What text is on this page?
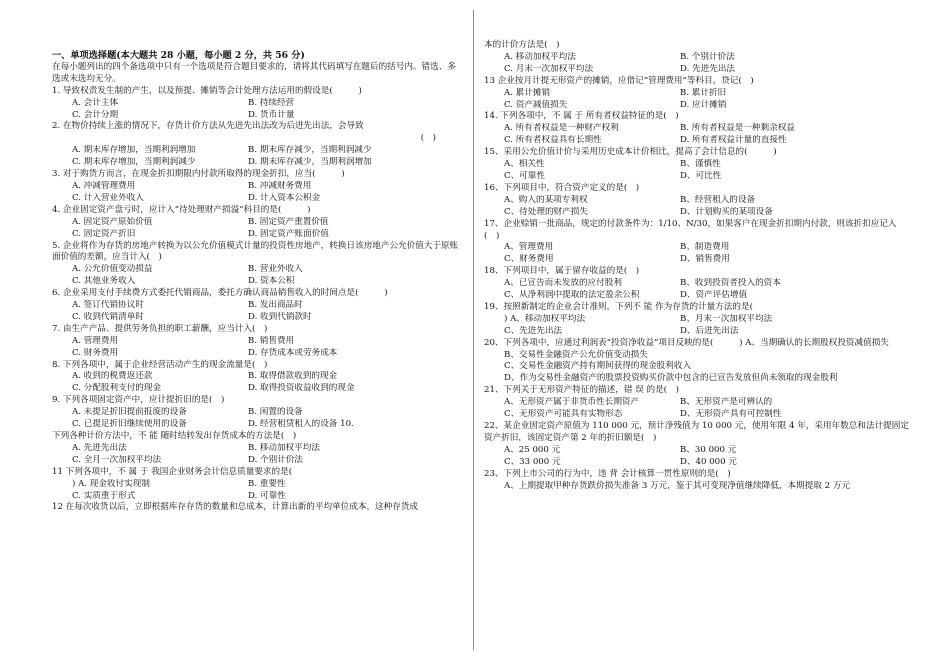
一、单项选择题(本大题共 28 小题，每小题 2 分，共 56 分)
在每小题列出的四个备选项中只有一个选项是符合题目要求的，请将其代码填写在题后的括号内。错选、多选或未选均无分。
1. 导致权责发生制的产生，以及预提、摊销等会计处理方法运用的假设是(　　　)
A. 会计主体	B. 持续经营
C. 会计分期	D. 货币计量
2. 在物价持续上涨的情况下，存货计价方法从先进先出法改为后进先出法，会导致
(　)
A. 期末库存增加，当期利润增加	B. 期末库存减少，当期利润减少
C. 期末库存增加，当期利润减少	D. 期末库存减少，当期利润增加
3. 对于购货方而言，在现金折扣期限内付款所取得的现金折扣，应当(　　　)
A. 冲减管理费用	B. 冲减财务费用
C. 计入营业外收入	D. 计入资本公积金
4. 企业固定资产盘亏时，应计入“待处理财产损溢”科目的是(　　　)
A. 固定资产原始价值	B. 固定资产重置价值
C. 固定资产折旧	D. 固定资产账面价值
5. 企业将作为存货的房地产转换为以公允价值模式计量的投资性房地产，转换日该房地产公允价值大于原账面价值的差额，应当计入(　)
A. 公允价值变动损益	B. 营业外收入
C. 其他业务收入	D. 资本公积
6. 企业采用支付手续费方式委托代销商品，委托方确认商品销售收入的时间点是(　　　)
A. 签订代销协议时	B. 发出商品时
C. 收到代销清单时	D. 收到代销款时
7. 由生产产品、提供劳务负担的职工薪酬，应当计入(　)
A. 管理费用	B. 销售费用
C. 财务费用	D. 存货成本或劳务成本
8. 下列各项中，属于企业经营活动产生的现金流量是(　)
A. 收到的税费返还款	B. 取得借款收到的现金
C. 分配股利支付的现金	D. 取得投资收益收到的现金
9. 下列各项固定资产中，应计提折旧的是(　)
A. 未提足折旧提前报废的设备	B. 闲置的设备
C. 已提足折旧继续使用的设备	D. 经营租赁租入的设备 10.
下列各种计价方法中，不 能 随时结转发出存货成本的方法是(　)
A. 先进先出法	B. 移动加权平均法
C. 全月一次加权平均法	D. 个别计价法
11 下列各项中，不 属 于 我国企业财务会计信息质量要求的是(
) A. 现金收付实现制	B. 重要性
C. 实质重于形式	D. 可靠性
12 在每次收货以后，立即根据库存存货的数量和总成本，计算出新的平均单位成本，这种存货成
本的计价方法是(　)
A. 移动加权平均法	B. 个别计价法
C. 月末一次加权平均法	D. 先进先出法
13 企业按月计提无形资产的摊销，应借记“管理费用”等科目，贷记(　)
A. 累计摊销	B. 累计折旧
C. 资产减值损失	D. 应计摊销
14. 下列各项中，不 属 于 所有者权益特征的是(　)
A. 所有者权益是一种财产权利	B. 所有者权益是一种剩余权益
C. 所有者权益具有长期性	D. 所有者权益计量的直接性
15、采用公允价值计价与采用历史成本计价相比，提高了会计信息的(　　　)
A、相关性	B、谨慎性
C、可靠性	D、可比性
16、下列项目中，符合资产定义的是(　)
A、购入的某项专利权	B、经营租入的设备
C、待处理的财产损失	D、计划购买的某项设备
17、企业赊销一批商品，规定的付款条件为：1/10、N/30，如果客户在现金折扣期内付款，则该折扣应记入(　)
A、管理费用	B、制造费用
C、财务费用	D、销售费用
18、下列项目中，属于留存收益的是(　)
A、已宣告而未发放的应付股利	B、收到投资者投入的资本
C、从净利润中提取的法定盈余公积	D、资产评估增值
19、按照新制定的企业会计准则，下列不 能 作为存货的计量方法的是(
) A、移动加权平均法	B、月末一次加权平均法
C、先进先出法	D、后进先出法
20、下列各项中，应通过利润表“投资净收益”项目反映的是(　　　) A、当期确认的长期股权投资减值损失
B、交易性金融资产公允价值变动损失
C、交易性金融资产持有期间获得的现金股利收入
D、作为交易性金融资产的股票投资购买价款中包含的已宣告发放但尚未领取的现金股利
21、下列关于无形资产特征的描述，错 误 的是(　)
A、无形资产属于非货币性长期资产	B、无形资产是可辨认的
C、无形资产可能具有实物形态	D、无形资产具有可控制性
22、某企业固定资产原值为 110 000 元，预计净残值为 10 000 元，使用年限 4 年，采用年数总和法计提固定资产折旧，该固定资产第 2 年的折旧额是(　)
A、25 000 元	B、30 000 元
C、33 000 元	D、40 000 元
23、下列上市公司的行为中，违 背 会计核算一贯性原则的是(　)
A、上期提取甲种存货跌价损失准备 3 万元，鉴于其可变现净值继续降低，本期提取 2 万元
